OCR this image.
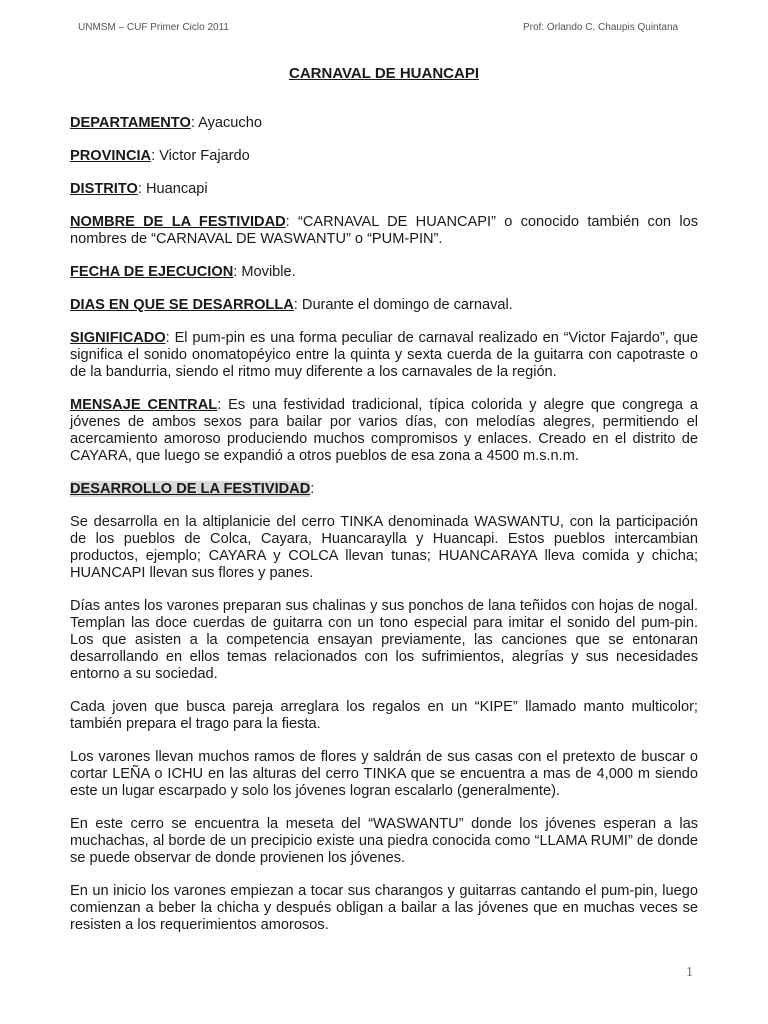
UNMSM – CUF Primer Ciclo 2011	Prof: Orlando C. Chaupis Quintana
CARNAVAL DE HUANCAPI

DEPARTAMENTO: Ayacucho

PROVINCIA: Victor Fajardo

DISTRITO: Huancapi

NOMBRE DE LA FESTIVIDAD: “CARNAVAL DE HUANCAPI” o conocido también con los nombres de “CARNAVAL DE WASWANTU” o “PUM-PIN”.

FECHA DE EJECUCION: Movible.

DIAS EN QUE SE DESARROLLA: Durante el domingo de carnaval.

SIGNIFICADO: El pum-pin es una forma peculiar de carnaval realizado en “Victor Fajardo”, que significa el sonido onomatopéyico entre la quinta y sexta cuerda de la guitarra con capotraste o de la bandurria, siendo el ritmo muy diferente a los carnavales de la región.

MENSAJE CENTRAL: Es una festividad tradicional, típica colorida y alegre que congrega a jóvenes de ambos sexos para bailar por varios días, con melodías alegres, permitiendo el acercamiento amoroso produciendo muchos compromisos y enlaces. Creado en el distrito de CAYARA, que luego se expandió a otros pueblos de esa zona a 4500 m.s.n.m.

DESARROLLO DE LA FESTIVIDAD:

Se desarrolla en la altiplanicie del cerro TINKA denominada WASWANTU, con la participación de los pueblos de Colca, Cayara, Huancaraylla y Huancapi. Estos pueblos intercambian productos, ejemplo; CAYARA y COLCA llevan tunas; HUANCARAYA lleva comida y chicha; HUANCAPI llevan sus flores y panes.

Días antes los varones preparan sus chalinas y sus ponchos de lana teñidos con hojas de nogal. Templan las doce cuerdas de guitarra con un tono especial para imitar el sonido del pum-pin. Los que asisten a la competencia ensayan previamente, las canciones que se entonaran desarrollando en ellos temas relacionados con los sufrimientos, alegrías y sus necesidades entorno a su sociedad.

Cada joven que busca pareja arreglara los regalos en un “KIPE” llamado manto multicolor; también prepara el trago para la fiesta.

Los varones llevan muchos ramos de flores y saldrán de sus casas con el pretexto de buscar o cortar LEÑA o ICHU en las alturas del cerro TINKA que se encuentra a mas de 4,000 m siendo este un lugar escarpado y solo los jóvenes logran escalarlo (generalmente).

En este cerro se encuentra la meseta del “WASWANTU” donde los jóvenes esperan a las muchachas, al borde de un precipicio existe una piedra conocida como “LLAMA RUMI” de donde se puede observar de donde provienen los jóvenes.

En un inicio los varones empiezan a tocar sus charangos y guitarras cantando el pum-pin, luego comienzan a beber la chicha y después obligan a bailar a las jóvenes que en muchas veces se resisten a los requerimientos amorosos.

1
